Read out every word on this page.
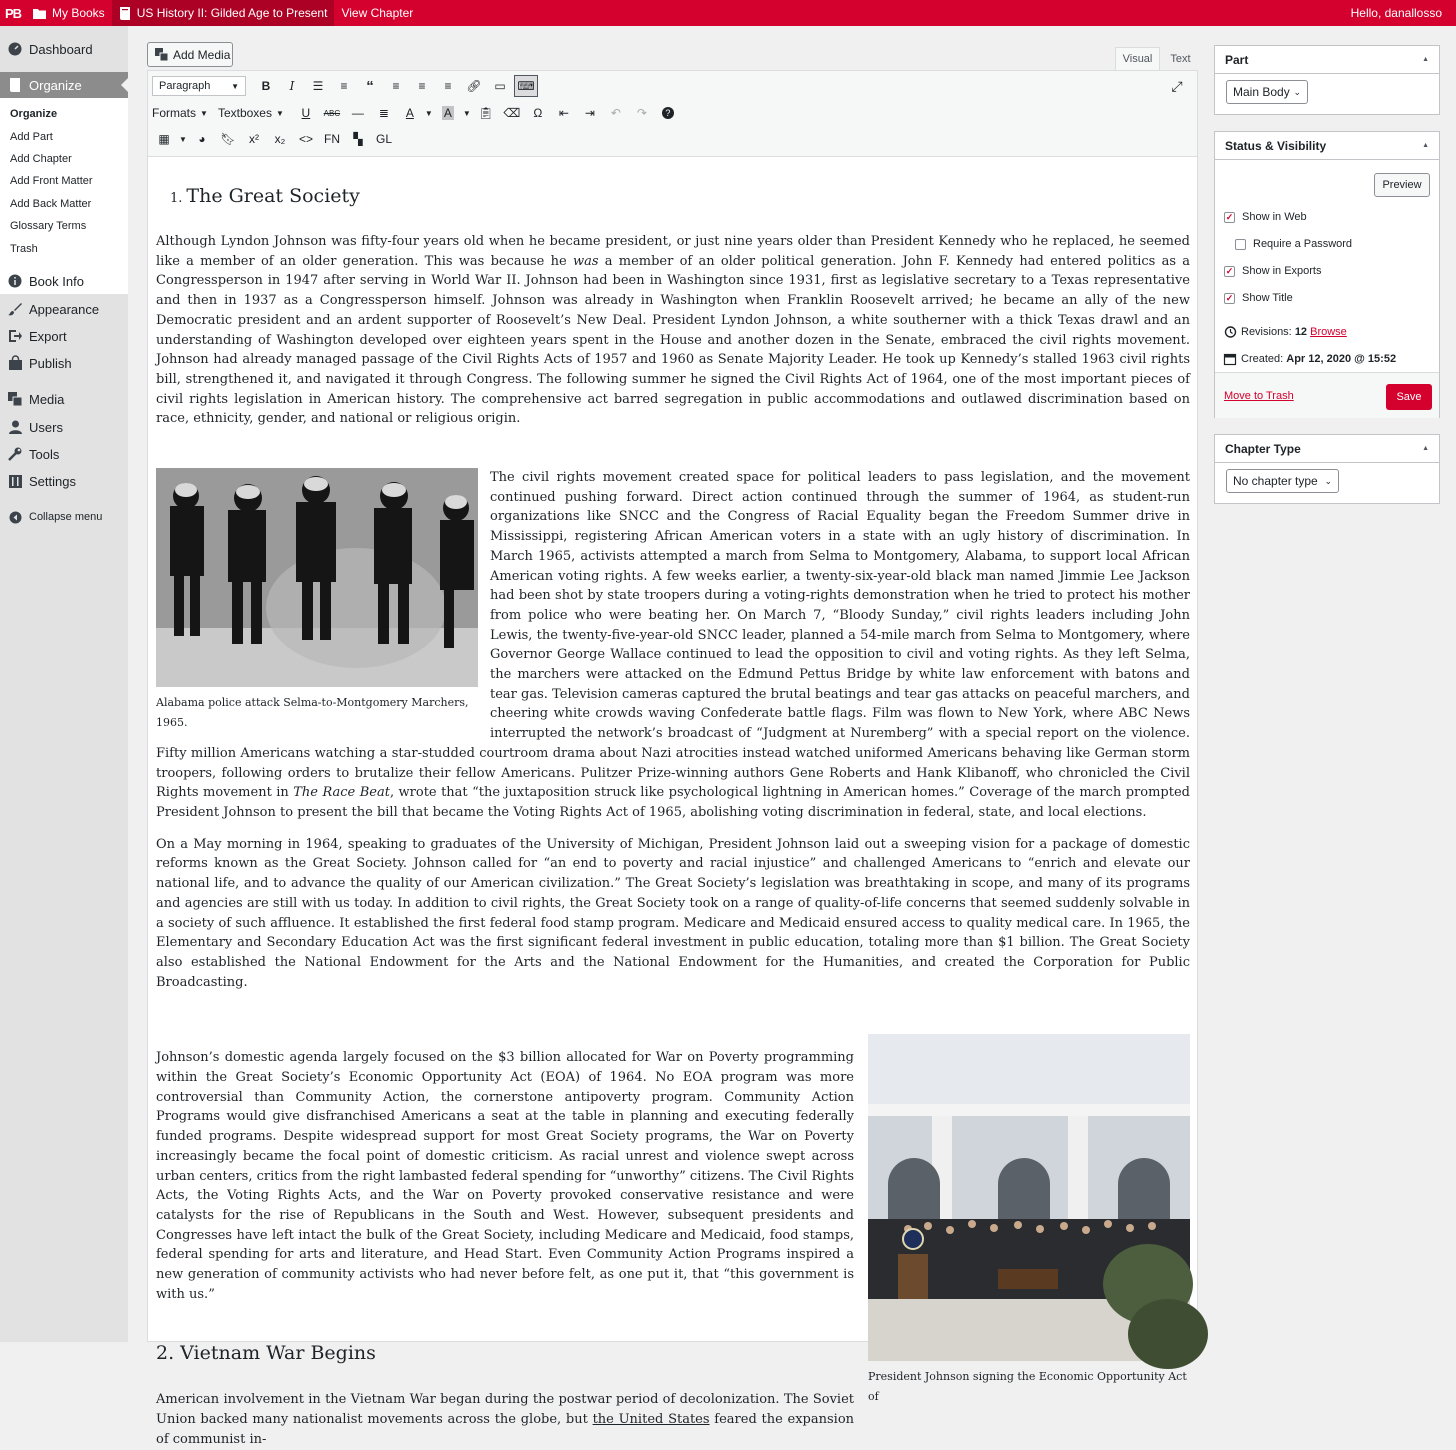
PB	My Books	US History II: Gilded Age to Present View Chapter	Hello, danallosso
Dashboard
Organize
Organize
Add Part
Add Chapter
Add Front Matter
Add Back Matter
Glossary Terms
Trash
Book Info
Appearance
Export
Publish
Media
Users
Tools
Settings
Collapse menu
Add Media	Visual	Text
Paragraph	▼	B	I	☰	≡	“	≡	≡	≡	🔗︎	▭ ⌨
Formats ▼ Textboxes ▼	U	ABC —	≣	A	▼ A ▼ 📋︎ ⌫	Ω	⇤	⇥	↶	↷	?
▦	▼ ◕	🔖︎	x²	x₂	<> FN	▚	GL
⤢
1. The Great Society

Although Lyndon Johnson was fifty-four years old when he became president, or just nine years older than President Kennedy who he replaced, he seemed like a member of an older generation. This was because he was a member of an older political generation. John F. Kennedy had entered politics as a Congressperson in 1947 after serving in World War II. Johnson had been in Washington since 1931, first as legislative secretary to a Texas representative and then in 1937 as a Congressperson himself. Johnson was already in Washington when Franklin Roosevelt arrived; he became an ally of the new Democratic president and an ardent supporter of Roosevelt’s New Deal. President Lyndon Johnson, a white southerner with a thick Texas drawl and an understanding of Washington developed over eighteen years spent in the House and another dozen in the Senate, embraced the civil rights movement. Johnson had already managed passage of the Civil Rights Acts of 1957 and 1960 as Senate Majority Leader. He took up Kennedy’s stalled 1963 civil rights bill, strengthened it, and navigated it through Congress. The following summer he signed the Civil Rights Act of 1964, one of the most important pieces of civil rights legislation in American history. The comprehensive act barred segregation in public accommodations and outlawed discrimination based on race, ethnicity, gender, and national or religious origin.

Alabama police attack Selma-to-Montgomery Marchers, 1965.

The civil rights movement created space for political leaders to pass legislation, and the movement continued pushing forward. Direct action continued through the summer of 1964, as student-run organizations like SNCC and the Congress of Racial Equality began the Freedom Summer drive in Mississippi, registering African American voters in a state with an ugly history of discrimination. In March 1965, activists attempted a march from Selma to Montgomery, Alabama, to support local African American voting rights. A few weeks earlier, a twenty-six-year-old black man named Jimmie Lee Jackson had been shot by state troopers during a voting-rights demonstration when he tried to protect his mother from police who were beating her. On March 7, “Bloody Sunday,” civil rights leaders including John Lewis, the twenty-five-year-old SNCC leader, planned a 54-mile march from Selma to Montgomery, where Governor George Wallace continued to lead the opposition to civil and voting rights. As they left Selma, the marchers were attacked on the Edmund Pettus Bridge by white law enforcement with batons and tear gas. Television cameras captured the brutal beatings and tear gas attacks on peaceful marchers, and cheering white crowds waving Confederate battle flags. Film was flown to New York, where ABC News interrupted the network’s broadcast of “Judgment at Nuremberg” with a special report on the violence. Fifty million Americans watching a star-studded courtroom drama about Nazi atrocities instead watched uniformed Americans behaving like German storm troopers, following orders to brutalize their fellow Americans. Pulitzer Prize-winning authors Gene Roberts and Hank Klibanoff, who chronicled the Civil Rights movement in The Race Beat, wrote that “the juxtaposition struck like psychological lightning in American homes.” Coverage of the march prompted President Johnson to present the bill that became the Voting Rights Act of 1965, abolishing voting discrimination in federal, state, and local elections.

On a May morning in 1964, speaking to graduates of the University of Michigan, President Johnson laid out a sweeping vision for a package of domestic reforms known as the Great Society. Johnson called for “an end to poverty and racial injustice” and challenged Americans to “enrich and elevate our national life, and to advance the quality of our American civilization.” The Great Society’s legislation was breathtaking in scope, and many of its programs and agencies are still with us today. In addition to civil rights, the Great Society took on a range of quality-of-life concerns that seemed suddenly solvable in a society of such affluence. It established the first federal food stamp program. Medicare and Medicaid ensured access to quality medical care. In 1965, the Elementary and Secondary Education Act was the first significant federal investment in public education, totaling more than $1 billion. The Great Society also established the National Endowment for the Arts and the National Endowment for the Humanities, and created the Corporation for Public Broadcasting.

President Johnson signing the Economic Opportunity Act of

Johnson’s domestic agenda largely focused on the $3 billion allocated for War on Poverty programming within the Great Society’s Economic Opportunity Act (EOA) of 1964. No EOA program was more controversial than Community Action, the cornerstone antipoverty program. Community Action Programs would give disfranchised Americans a seat at the table in planning and executing federally funded programs. Despite widespread support for most Great Society programs, the War on Poverty increasingly became the focal point of domestic criticism. As racial unrest and violence swept across urban centers, critics from the right lambasted federal spending for “unworthy” citizens. The Civil Rights Acts, the Voting Rights Acts, and the War on Poverty provoked conservative resistance and were catalysts for the rise of Republicans in the South and West. However, subsequent presidents and Congresses have left intact the bulk of the Great Society, including Medicare and Medicaid, food stamps, federal spending for arts and literature, and Head Start. Even Community Action Programs inspired a new generation of community activists who had never before felt, as one put it, that “this government is with us.”

2. Vietnam War Begins

American involvement in the Vietnam War began during the postwar period of decolonization. The Soviet Union backed many nationalist movements across the globe, but the United States feared the expansion of communist in-

Part	▲
Main Body ⌄
Status & Visibility	▲
Preview
✓ Show in Web
Require a Password
✓ Show in Exports
✓ Show Title
Revisions:
12
Browse
Created:
Apr 12, 2020 @ 15:52
Move to Trash	Save
Chapter Type	▲
No chapter type ⌄
